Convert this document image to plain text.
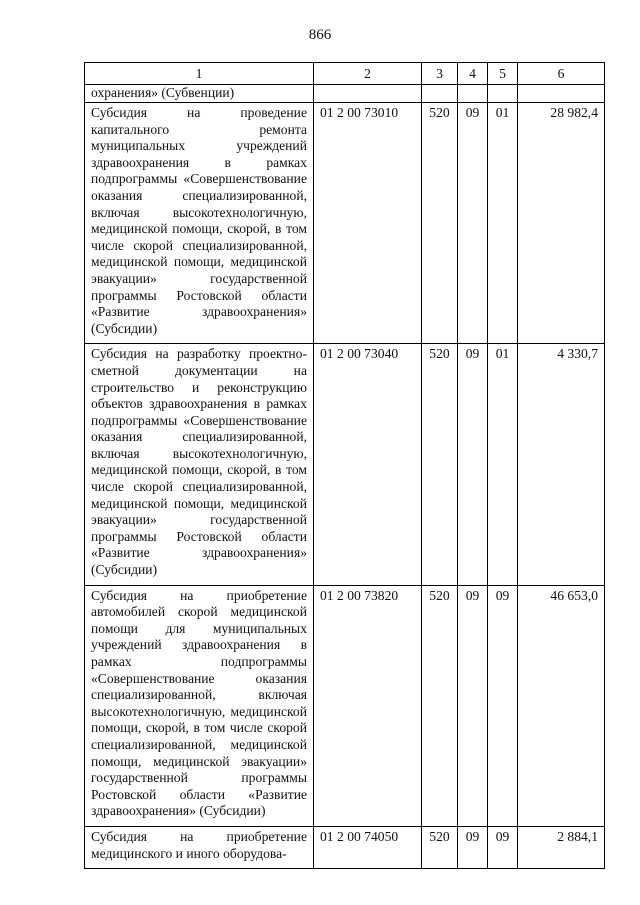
866
1	2	3	4	5	6
охранения» (Субвенции)					
Субсидия на проведение капитального ремонта муниципальных учреждений здравоохранения в рамках подпрограммы «Совершенствование оказания специализированной, включая высокотехнологичную, медицинской помощи, скорой, в том числе скорой специализированной, медицинской помощи, медицинской эвакуации» государственной программы Ростовской области «Развитие здравоохранения» (Субсидии)	01 2 00 73010	520	09	01	28 982,4
Субсидия на разработку проектно-сметной документации на строительство и реконструкцию объектов здравоохранения в рамках подпрограммы «Совершенствование оказания специализированной, включая высокотехнологичную, медицинской помощи, скорой, в том числе скорой специализированной, медицинской помощи, медицинской эвакуации» государственной программы Ростовской области «Развитие здравоохранения» (Субсидии)	01 2 00 73040	520	09	01	4 330,7
Субсидия на приобретение автомобилей скорой медицинской помощи для муниципальных учреждений здравоохранения в рамках подпрограммы «Совершенствование оказания специализированной, включая высокотехнологичную, медицинской помощи, скорой, в том числе скорой специализированной, медицинской помощи, медицинской эвакуации» государственной программы Ростовской области «Развитие здравоохранения» (Субсидии)	01 2 00 73820	520	09	09	46 653,0
Субсидия на приобретение медицинского и иного оборудова-	01 2 00 74050	520	09	09	2 884,1
